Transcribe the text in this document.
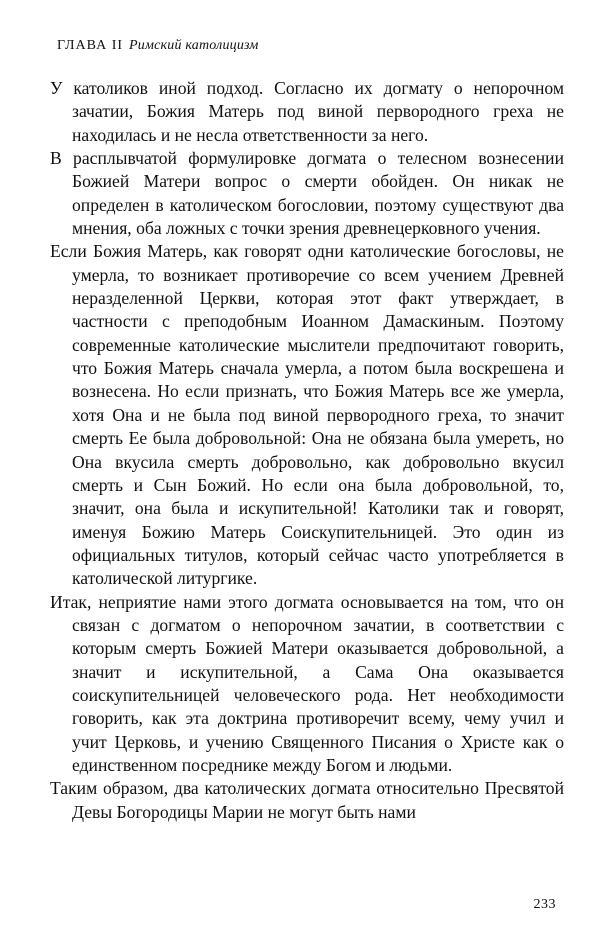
ГЛАВА II Римский католицизм

У католиков иной подход. Согласно их догмату о непорочном зачатии, Божия Матерь под виной первородного греха не находилась и не несла ответственности за него.

В расплывчатой формулировке догмата о телесном вознесении Божией Матери вопрос о смерти обойден. Он никак не определен в католическом богословии, поэтому существуют два мнения, оба ложных с точки зрения древнецерковного учения.

Если Божия Матерь, как говорят одни католические богословы, не умерла, то возникает противоречие со всем учением Древней неразделенной Церкви, которая этот факт утверждает, в частности с преподобным Иоанном Дамаскиным. Поэтому современные католические мыслители предпочитают говорить, что Божия Матерь сначала умерла, а потом была воскрешена и вознесена. Но если признать, что Божия Матерь все же умерла, хотя Она и не была под виной первородного греха, то значит смерть Ее была добровольной: Она не обязана была умереть, но Она вкусила смерть добровольно, как добровольно вкусил смерть и Сын Божий. Но если она была добровольной, то, значит, она была и искупительной! Католики так и говорят, именуя Божию Матерь Соискупительницей. Это один из официальных титулов, который сейчас часто употребляется в католической литургике.

Итак, неприятие нами этого догмата основывается на том, что он связан с догматом о непорочном зачатии, в соответствии с которым смерть Божией Матери оказывается добровольной, а значит и искупительной, а Сама Она оказывается соискупительницей человеческого рода. Нет необходимости говорить, как эта доктрина противоречит всему, чему учил и учит Церковь, и учению Священного Писания о Христе как о единственном посреднике между Богом и людьми.

Таким образом, два католических догмата относительно Пресвятой Девы Богородицы Марии не могут быть нами

233
